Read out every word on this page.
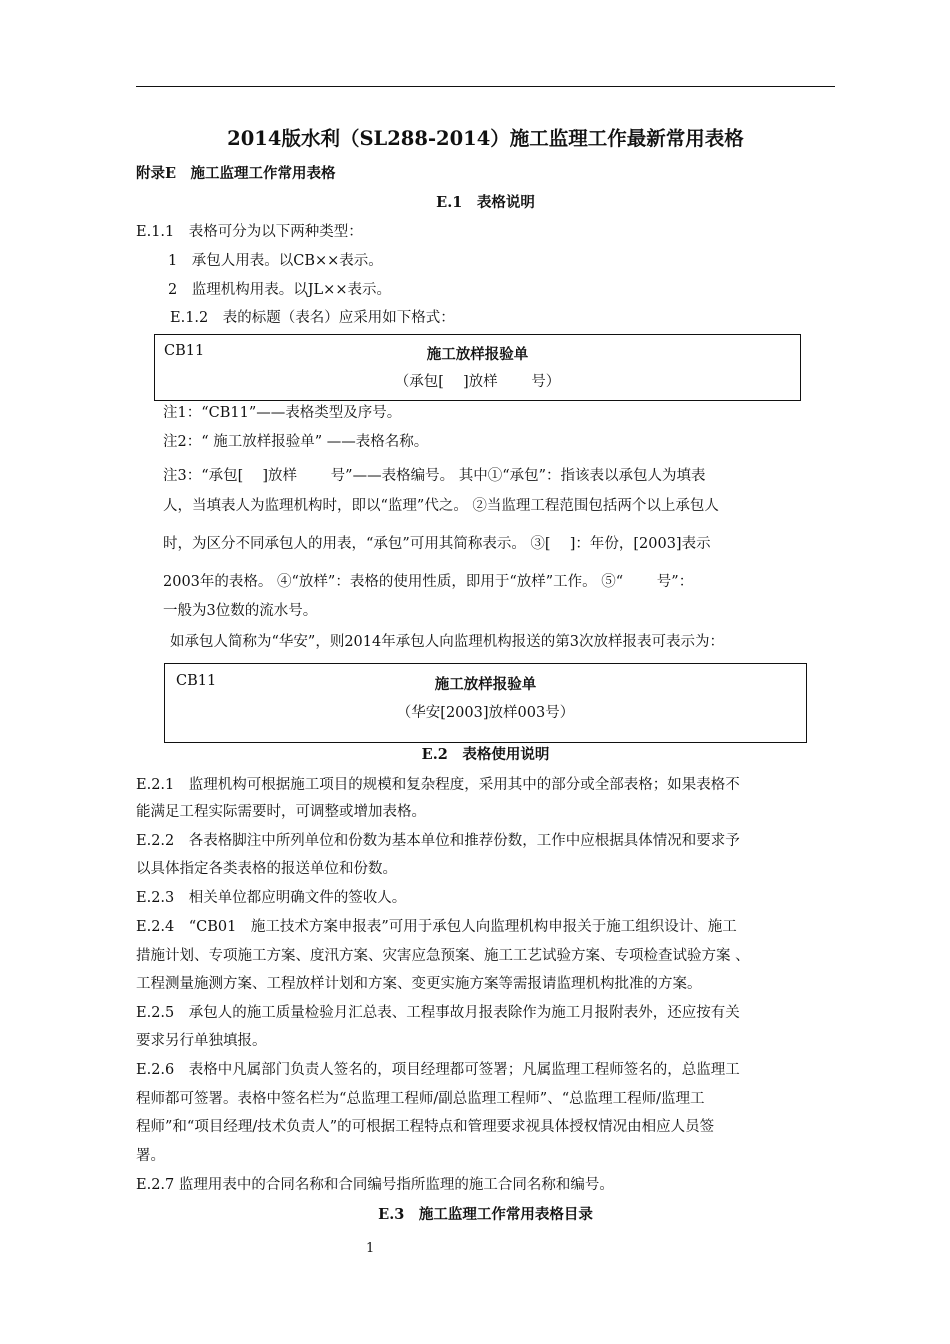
2014版水利（SL288-2014）施工监理工作最新常用表格
附录E　施工监理工作常用表格
E.1　表格说明
E.1.1　表格可分为以下两种类型：
1　承包人用表。以CB××表示。
2　监理机构用表。以JL××表示。
E.1.2　表的标题（表名）应采用如下格式：
CB11	施工放样报验单
（承包[　 ]放样　　 号）
注1：“CB11”——表格类型及序号。
注2：“ 施工放样报验单” ——表格名称。
注3：“承包[　 ]放样　　 号”——表格编号。 其中①“承包”：指该表以承包人为填表
人，当填表人为监理机构时，即以“监理”代之。 ②当监理工程范围包括两个以上承包人
时，为区分不同承包人的用表，“承包”可用其简称表示。 ③[　 ]：年份，[2003]表示
2003年的表格。 ④“放样”：表格的使用性质，即用于“放样”工作。 ⑤“　　 号”：
一般为3位数的流水号。
如承包人简称为“华安”，则2014年承包人向监理机构报送的第3次放样报表可表示为：
CB11	施工放样报验单
（华安[2003]放样003号）
E.2　表格使用说明
E.2.1　监理机构可根据施工项目的规模和复杂程度，采用其中的部分或全部表格；如果表格不
能满足工程实际需要时，可调整或增加表格。
E.2.2　各表格脚注中所列单位和份数为基本单位和推荐份数，工作中应根据具体情况和要求予
以具体指定各类表格的报送单位和份数。
E.2.3　相关单位都应明确文件的签收人。
E.2.4　“CB01　施工技术方案申报表”可用于承包人向监理机构申报关于施工组织设计、施工
措施计划、专项施工方案、度汛方案、灾害应急预案、施工工艺试验方案、专项检查试验方案 、
工程测量施测方案、工程放样计划和方案、变更实施方案等需报请监理机构批准的方案。
E.2.5　承包人的施工质量检验月汇总表、工程事故月报表除作为施工月报附表外，还应按有关
要求另行单独填报。
E.2.6　表格中凡属部门负责人签名的，项目经理都可签署；凡属监理工程师签名的，总监理工
程师都可签署。表格中签名栏为“总监理工程师/副总监理工程师”、“总监理工程师/监理工
程师”和“项目经理/技术负责人”的可根据工程特点和管理要求视具体授权情况由相应人员签
署。
E.2.7 监理用表中的合同名称和合同编号指所监理的施工合同名称和编号。
E.3　施工监理工作常用表格目录
1
